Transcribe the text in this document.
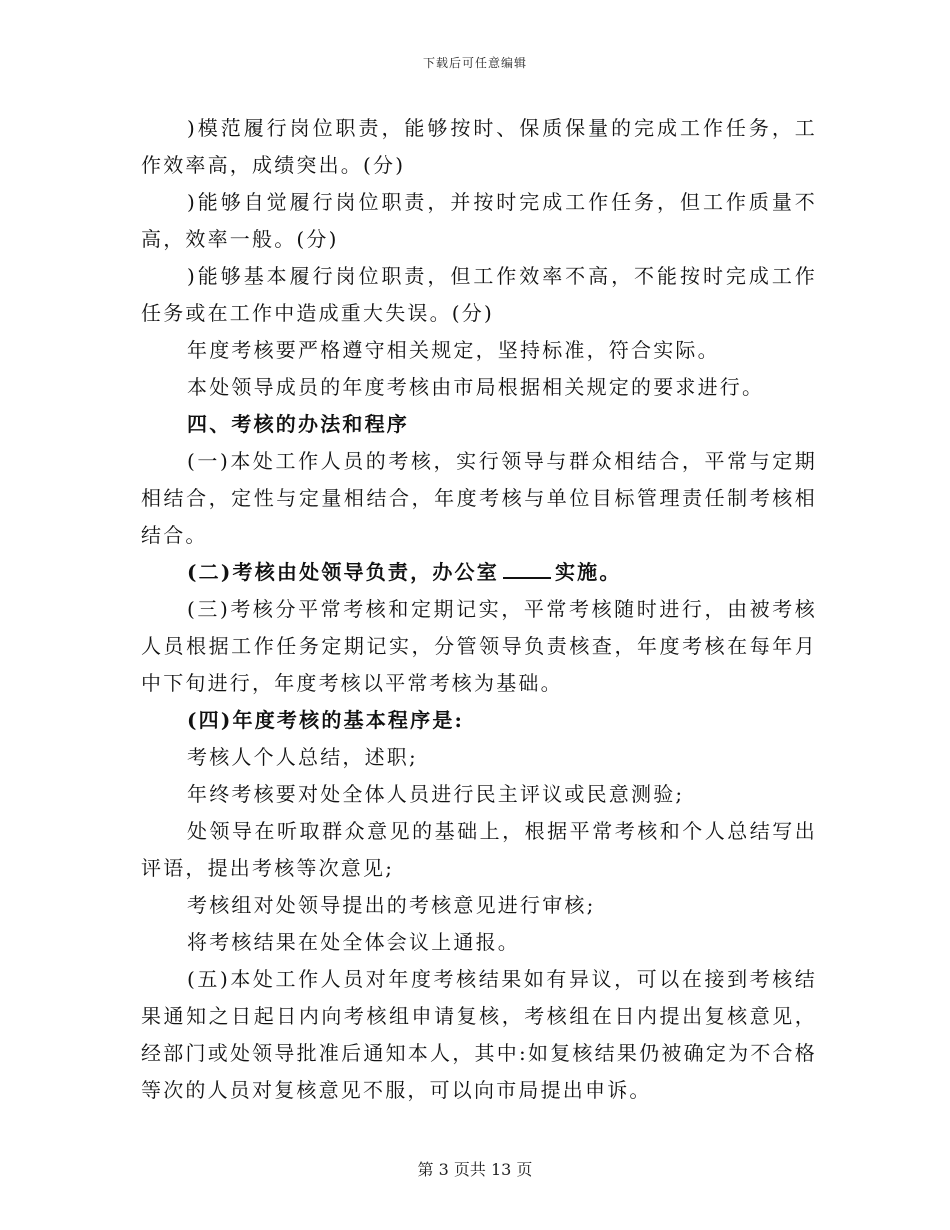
下载后可任意编辑

)模范履行岗位职责，能够按时、保质保量的完成工作任务，工作效率高，成绩突出。(分)

)能够自觉履行岗位职责，并按时完成工作任务，但工作质量不高，效率一般。(分)

)能够基本履行岗位职责，但工作效率不高，不能按时完成工作任务或在工作中造成重大失误。(分)

年度考核要严格遵守相关规定，坚持标准，符合实际。

本处领导成员的年度考核由市局根据相关规定的要求进行。

四、考核的办法和程序

(一)本处工作人员的考核，实行领导与群众相结合，平常与定期相结合，定性与定量相结合，年度考核与单位目标管理责任制考核相结合。

(二)考核由处领导负责，办公室	实施。

(三)考核分平常考核和定期记实，平常考核随时进行，由被考核人员根据工作任务定期记实，分管领导负责核查，年度考核在每年月中下旬进行，年度考核以平常考核为基础。

(四)年度考核的基本程序是:

考核人个人总结，述职;

年终考核要对处全体人员进行民主评议或民意测验;

处领导在听取群众意见的基础上，根据平常考核和个人总结写出评语，提出考核等次意见;

考核组对处领导提出的考核意见进行审核;

将考核结果在处全体会议上通报。

(五)本处工作人员对年度考核结果如有异议，可以在接到考核结果通知之日起日内向考核组申请复核，考核组在日内提出复核意见，经部门或处领导批准后通知本人，其中:如复核结果仍被确定为不合格等次的人员对复核意见不服，可以向市局提出申诉。

第 3 页共 13 页
